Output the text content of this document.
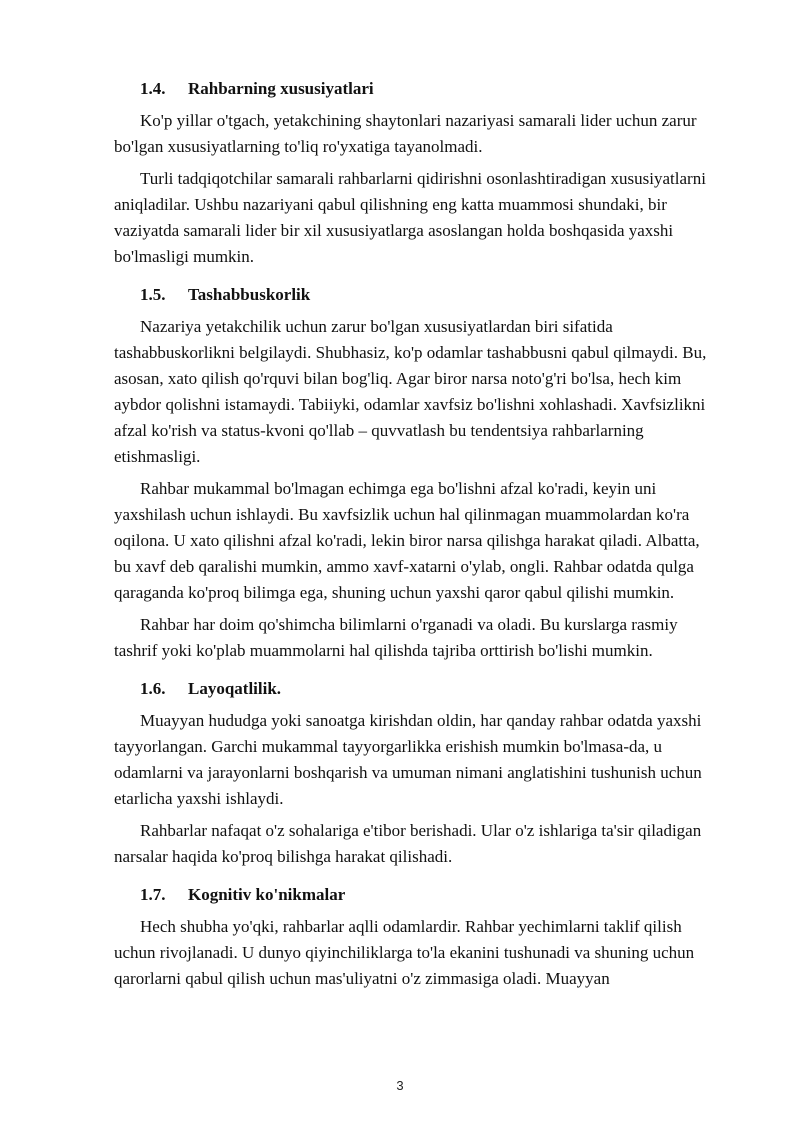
1.4.	Rahbarning xususiyatlari

Ko'p yillar o'tgach, yetakchining shaytonlari nazariyasi samarali lider uchun zarur bo'lgan xususiyatlarning to'liq ro'yxatiga tayanolmadi.

Turli tadqiqotchilar samarali rahbarlarni qidirishni osonlashtiradigan xususiyatlarni aniqladilar. Ushbu nazariyani qabul qilishning eng katta muammosi shundaki, bir vaziyatda samarali lider bir xil xususiyatlarga asoslangan holda boshqasida yaxshi bo'lmasligi mumkin.

1.5.	Tashabbuskorlik

Nazariya yetakchilik uchun zarur bo'lgan xususiyatlardan biri sifatida tashabbuskorlikni belgilaydi. Shubhasiz, ko'p odamlar tashabbusni qabul qilmaydi. Bu, asosan, xato qilish qo'rquvi bilan bog'liq. Agar biror narsa noto'g'ri bo'lsa, hech kim aybdor qolishni istamaydi. Tabiiyki, odamlar xavfsiz bo'lishni xohlashadi. Xavfsizlikni afzal ko'rish va status-kvoni qo'llab – quvvatlash bu tendentsiya rahbarlarning etishmasligi.

Rahbar mukammal bo'lmagan echimga ega bo'lishni afzal ko'radi, keyin uni yaxshilash uchun ishlaydi. Bu xavfsizlik uchun hal qilinmagan muammolardan ko'ra oqilona. U xato qilishni afzal ko'radi, lekin biror narsa qilishga harakat qiladi. Albatta, bu xavf deb qaralishi mumkin, ammo xavf-xatarni o'ylab, ongli. Rahbar odatda qulga qaraganda ko'proq bilimga ega, shuning uchun yaxshi qaror qabul qilishi mumkin.

Rahbar har doim qo'shimcha bilimlarni o'rganadi va oladi. Bu kurslarga rasmiy tashrif yoki ko'plab muammolarni hal qilishda tajriba orttirish bo'lishi mumkin.

1.6.	Layoqatlilik.

Muayyan hududga yoki sanoatga kirishdan oldin, har qanday rahbar odatda yaxshi tayyorlangan. Garchi mukammal tayyorgarlikka erishish mumkin bo'lmasa-da, u odamlarni va jarayonlarni boshqarish va umuman nimani anglatishini tushunish uchun etarlicha yaxshi ishlaydi.

Rahbarlar nafaqat o'z sohalariga e'tibor berishadi. Ular o'z ishlariga ta'sir qiladigan narsalar haqida ko'proq bilishga harakat qilishadi.

1.7.	Kognitiv ko'nikmalar

Hech shubha yo'qki, rahbarlar aqlli odamlardir. Rahbar yechimlarni taklif qilish uchun rivojlanadi. U dunyo qiyinchiliklarga to'la ekanini tushunadi va shuning uchun qarorlarni qabul qilish uchun mas'uliyatni o'z zimmasiga oladi. Muayyan

3
